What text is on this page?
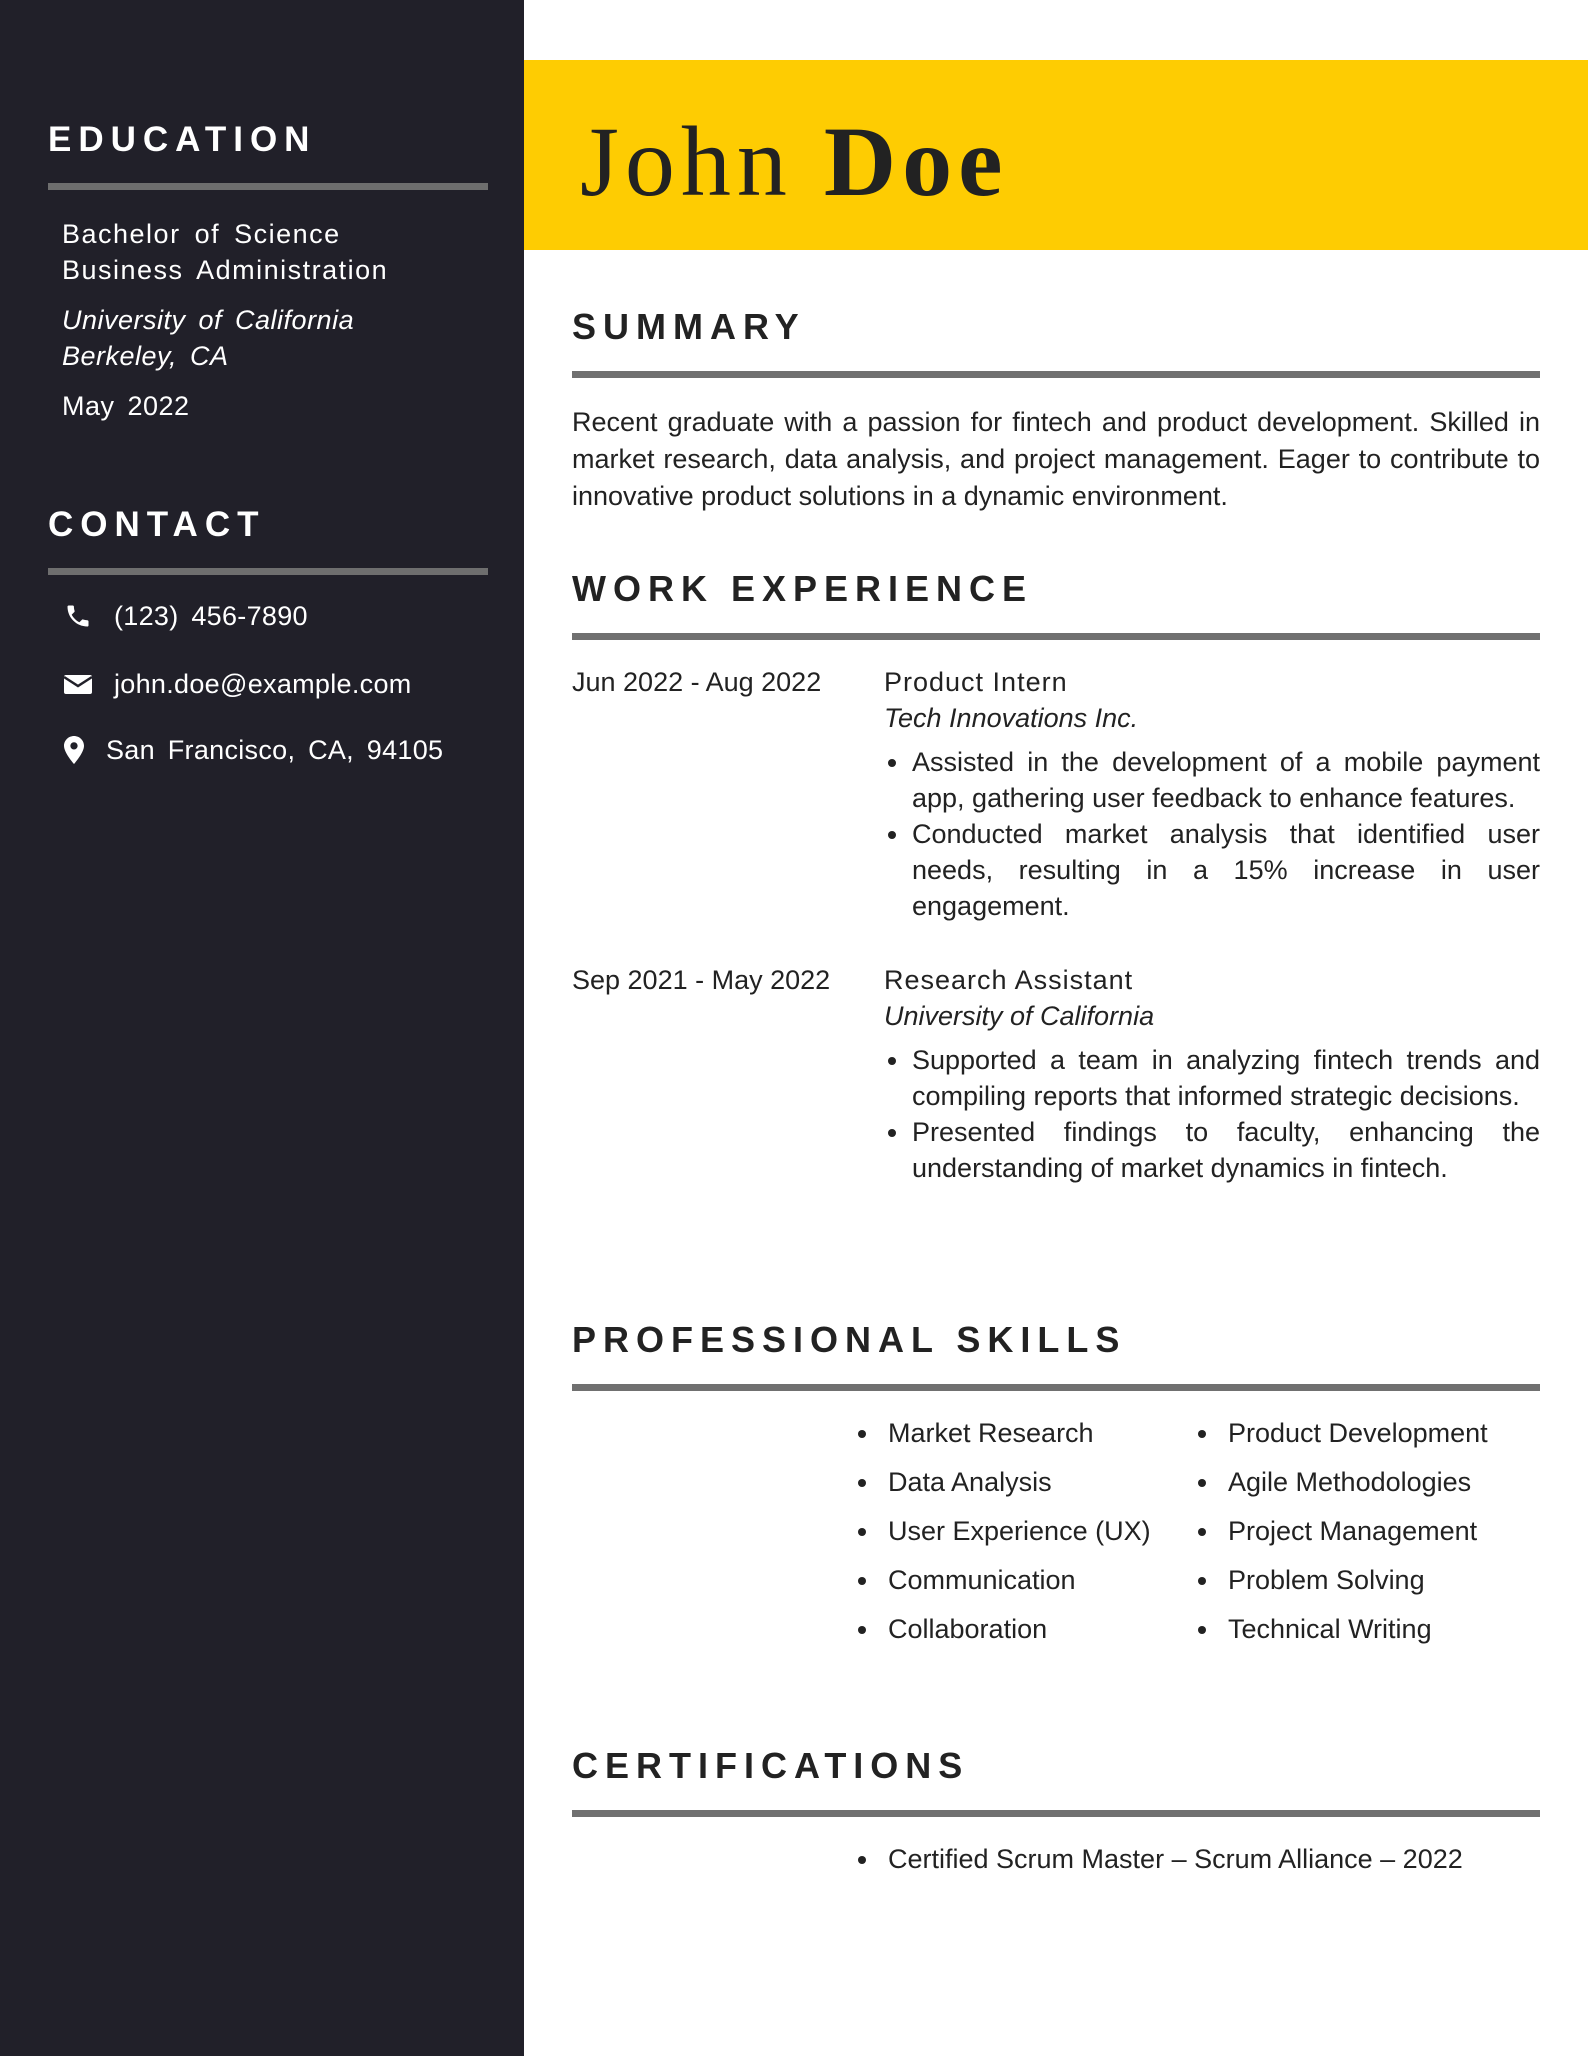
EDUCATION
Bachelor of Science
Business Administration
University of California
Berkeley, CA
May 2022
CONTACT
(123) 456-7890
john.doe@example.com
San Francisco, CA, 94105
John Doe
SUMMARY
Recent graduate with a passion for fintech and product development. Skilled in market research, data analysis, and project management. Eager to contribute to innovative product solutions in a dynamic environment.
WORK EXPERIENCE
Jun 2022 - Aug 2022 Product Intern
Tech Innovations Inc.
Assisted in the development of a mobile payment app, gathering user feedback to enhance features.
Conducted market analysis that identified user needs, resulting in a 15% increase in user engagement.
Sep 2021 - May 2022 Research Assistant
University of California
Supported a team in analyzing fintech trends and compiling reports that informed strategic decisions.
Presented findings to faculty, enhancing the understanding of market dynamics in fintech.
PROFESSIONAL SKILLS
Market Research
Data Analysis
User Experience (UX)
Communication
Collaboration
Product Development
Agile Methodologies
Project Management
Problem Solving
Technical Writing
CERTIFICATIONS
Certified Scrum Master – Scrum Alliance – 2022
